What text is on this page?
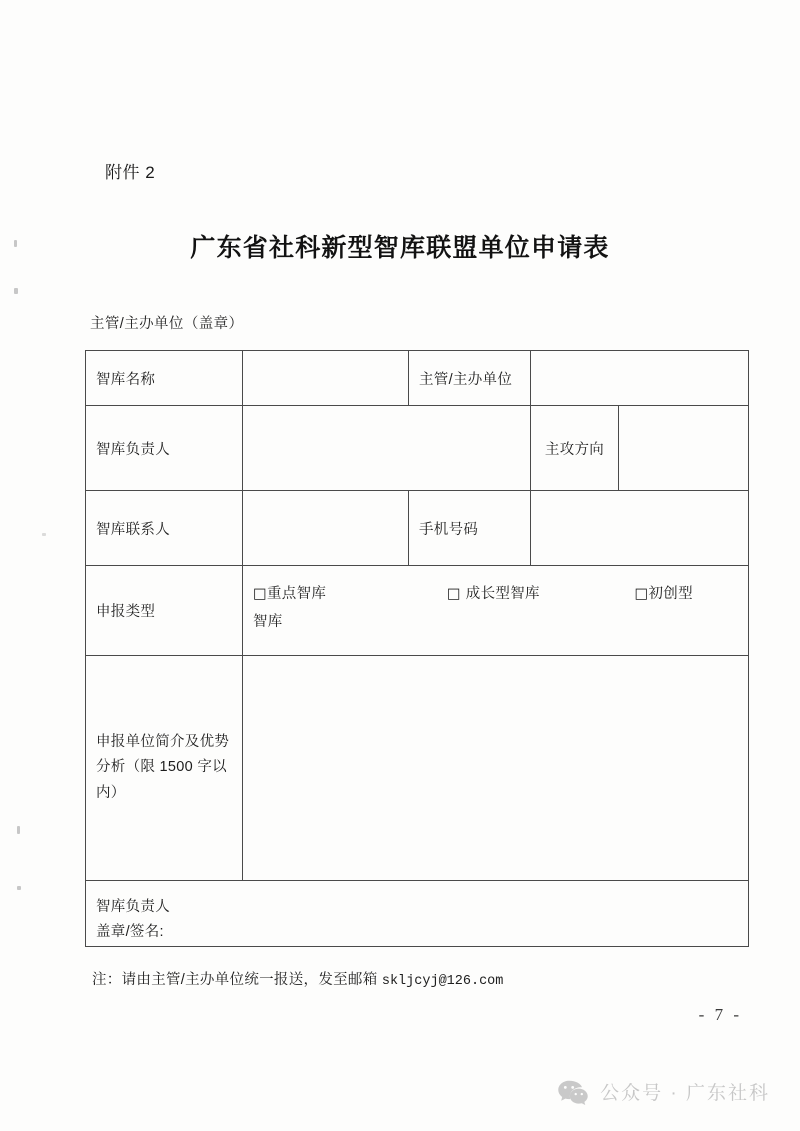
附件 2
广东省社科新型智库联盟单位申请表
主管/主办单位（盖章）
智库名称		主管/主办单位		
智库负责人			主攻方向	
智库联系人		手机号码		
申报类型	□重点智库 □ 成长型智库 □初创型
智库			

申报单位简介及优势
分析（限 1500 字以内）				

智库负责人
盖章/签名:				
注：请由主管/主办单位统一报送，发至邮箱 skljcyj@126.com
- 7 -
公众号 · 广东社科
